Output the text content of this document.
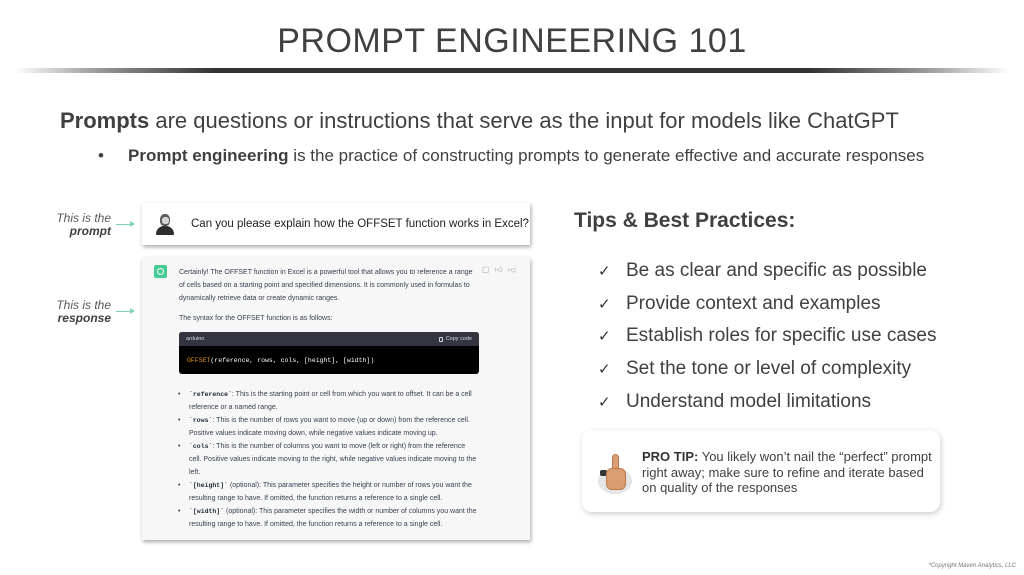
PROMPT ENGINEERING 101
Prompts are questions or instructions that serve as the input for models like ChatGPT
• Prompt engineering is the practice of constructing prompts to generate effective and accurate responses
This is the
prompt
This is the
response
Can you please explain how the OFFSET function works in Excel?
▢ 👍︎ 👎︎

Certainly! The OFFSET function in Excel is a powerful tool that allows you to reference a range of cells based on a starting point and specified dimensions. It is commonly used in formulas to dynamically retrieve data or create dynamic ranges.

The syntax for the OFFSET function is as follows:

arduino	Copy code
OFFSET(reference, rows, cols, [height], [width])
• `reference`: This is the starting point or cell from which you want to offset. It can be a cell reference or a named range.
• `rows`: This is the number of rows you want to move (up or down) from the reference cell. Positive values indicate moving down, while negative values indicate moving up.
• `cols`: This is the number of columns you want to move (left or right) from the reference cell. Positive values indicate moving to the right, while negative values indicate moving to the left.
• `[height]` (optional): This parameter specifies the height or number of rows you want the resulting range to have. If omitted, the function returns a reference to a single cell.
• `[width]` (optional): This parameter specifies the width or number of columns you want the resulting range to have. If omitted, the function returns a reference to a single cell.
Tips & Best Practices:
✓ Be as clear and specific as possible
✓ Provide context and examples
✓ Establish roles for specific use cases
✓ Set the tone or level of complexity
✓ Understand model limitations
PRO TIP: You likely won’t nail the “perfect” prompt right away; make sure to refine and iterate based on quality of the responses
*Copyright Maven Analytics, LLC
